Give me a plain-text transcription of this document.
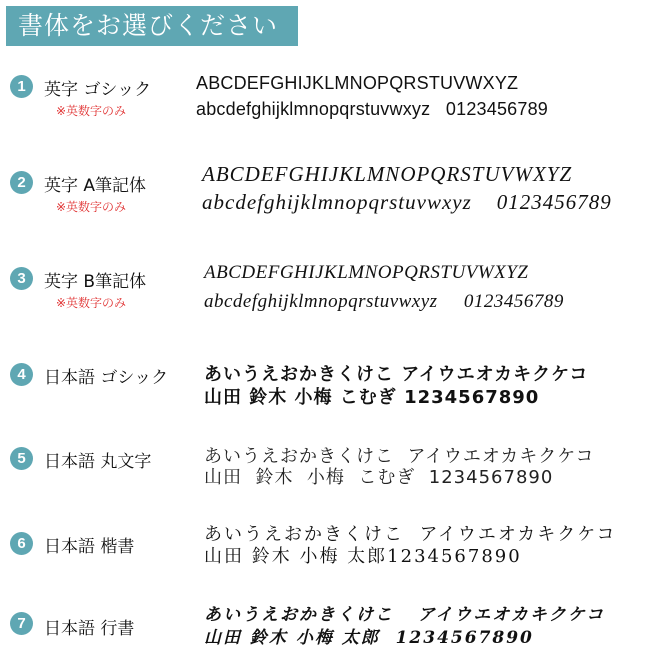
書体をお選びください
1	英字 ゴシック
※英数字のみ
ABCDEFGHIJKLMNOPQRSTUVWXYZ
abcdefghijklmnopqrstuvwxyz   0123456789
2	英字 A筆記体
※英数字のみ
ABCDEFGHIJKLMNOPQRSTUVWXYZ
abcdefghijklmnopqrstuvwxyz    0123456789
3	英字 B筆記体
※英数字のみ
ABCDEFGHIJKLMNOPQRSTUVWXYZ
abcdefghijklmnopqrstuvwxyz     0123456789
4	日本語 ゴシック あいうえおかきくけこ アイウエオカキクケコ
山田 鈴木 小梅 こむぎ 1234567890
5	日本語 丸文字	あいうえおかきくけこ  アイウエオカキクケコ
山田  鈴木  小梅  こむぎ  1234567890
6	日本語 楷書
あいうえおかきくけこ  アイウエオカキクケコ
山田 鈴木 小梅 太郎1234567890
7	日本語 行書
あいうえおかきくけこ   アイウエオカキクケコ
山田 鈴木 小梅 太郎  1234567890
